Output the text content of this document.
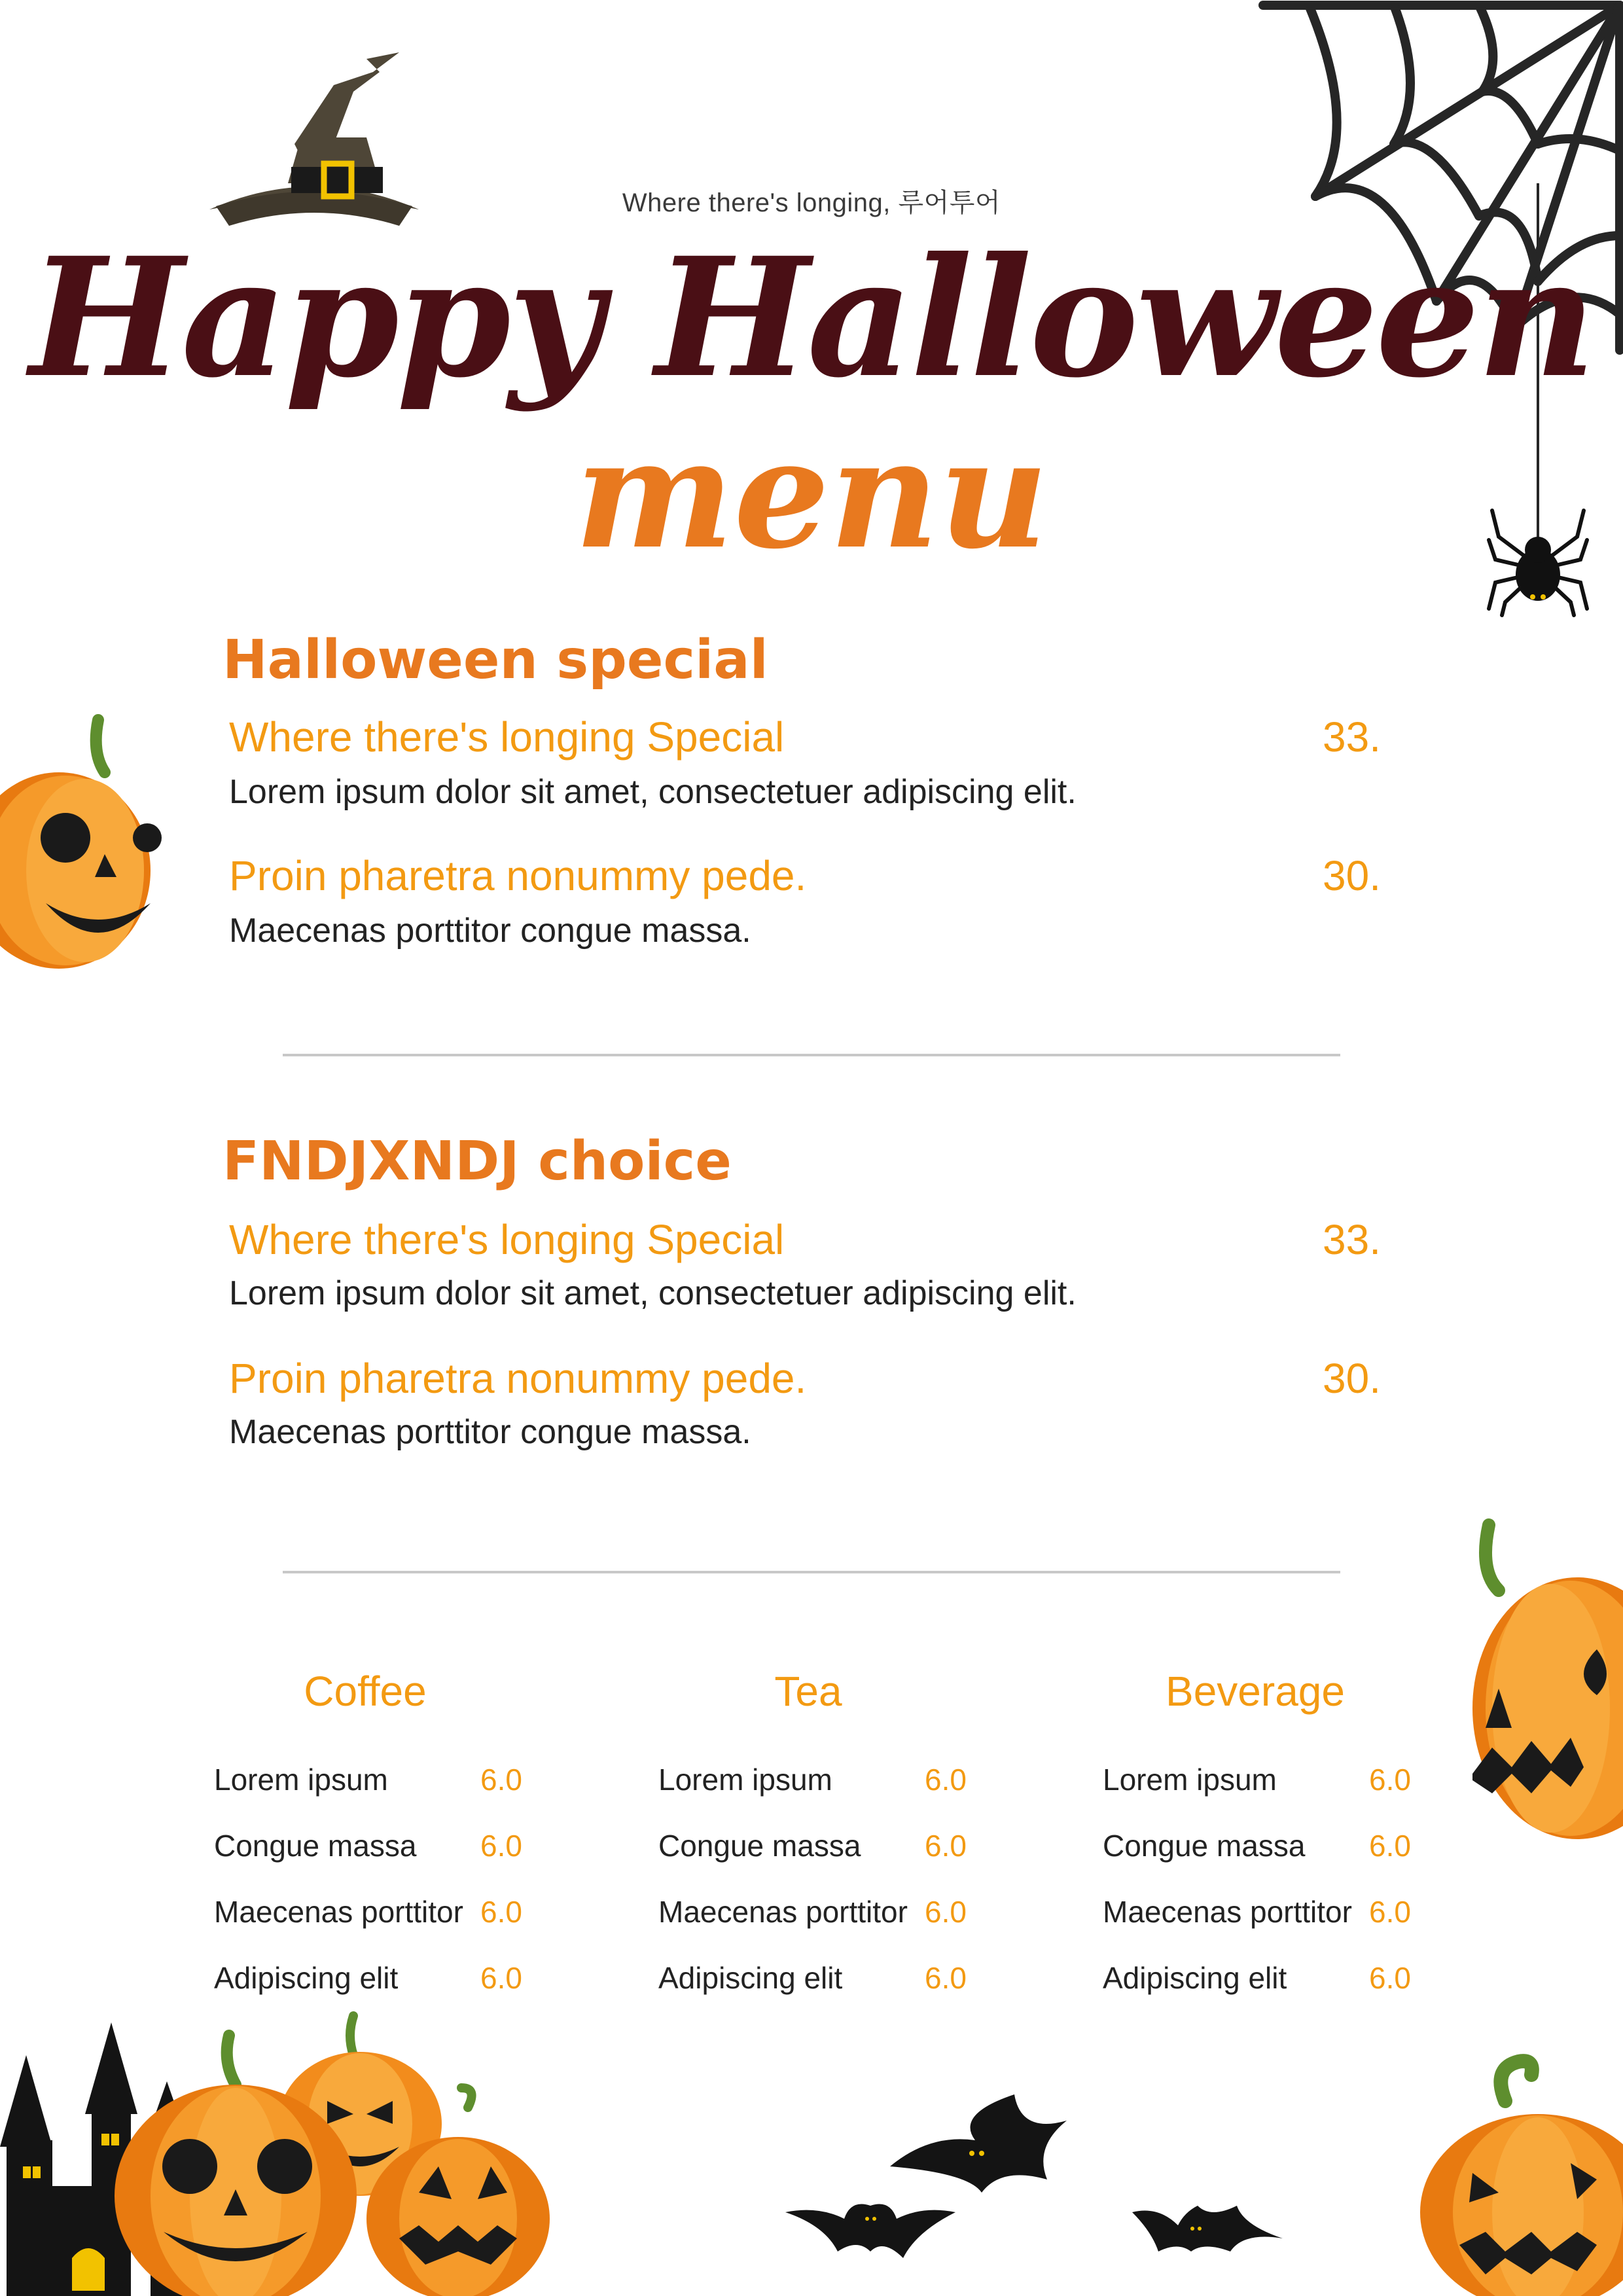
Where there's longing, 루어투어
Happy Halloween
menu
Halloween special
Where there's longing Special	33.
Lorem ipsum dolor sit amet, consectetuer adipiscing elit.
Proin pharetra nonummy pede.	30.
Maecenas porttitor congue massa.
FNDJXNDJ choice
Where there's longing Special	33.
Lorem ipsum dolor sit amet, consectetuer adipiscing elit.
Proin pharetra nonummy pede.	30.
Maecenas porttitor congue massa.
Coffee	Tea	Beverage
Lorem ipsum	6.0
Congue massa 6.0
Maecenas porttitor 6.0
Adipiscing elit	6.0
Lorem ipsum	6.0
Congue massa 6.0
Maecenas porttitor 6.0
Adipiscing elit	6.0
Lorem ipsum	6.0
Congue massa 6.0
Maecenas porttitor 6.0
Adipiscing elit	6.0
